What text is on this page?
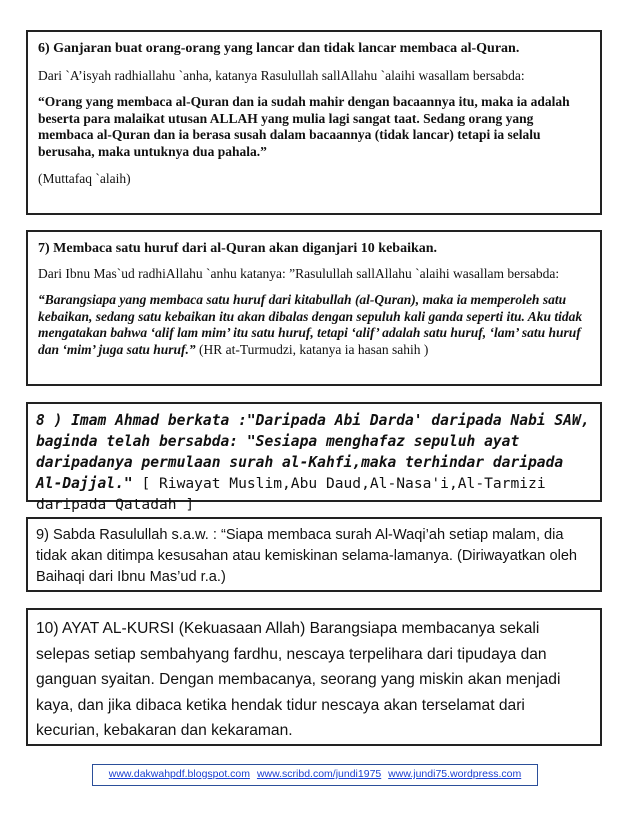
6) Ganjaran buat orang-orang yang lancar dan tidak lancar membaca al-Quran.

Dari `A’isyah radhiallahu `anha, katanya Rasulullah sallAllahu `alaihi wasallam bersabda:

“Orang yang membaca al-Quran dan ia sudah mahir dengan bacaannya itu, maka ia adalah beserta para malaikat utusan ALLAH yang mulia lagi sangat taat. Sedang orang yang membaca al-Quran dan ia berasa susah dalam bacaannya (tidak lancar) tetapi ia selalu berusaha, maka untuknya dua pahala.”

(Muttafaq `alaih)

7) Membaca satu huruf dari al-Quran akan diganjari 10 kebaikan.

Dari Ibnu Mas`ud radhiAllahu `anhu katanya: ”Rasulullah sallAllahu `alaihi wasallam bersabda:

“Barangsiapa yang membaca satu huruf dari kitabullah (al-Quran), maka ia memperoleh satu kebaikan, sedang satu kebaikan itu akan dibalas dengan sepuluh kali ganda seperti itu. Aku tidak mengatakan bahwa ‘alif lam mim’ itu satu huruf, tetapi ‘alif’ adalah satu huruf, ‘lam’ satu huruf dan ‘mim’ juga satu huruf.” (HR at-Turmudzi, katanya ia hasan sahih )

8 ) Imam Ahmad berkata :"Daripada Abi Darda' daripada Nabi SAW, baginda telah bersabda: "Sesiapa menghafaz sepuluh ayat daripadanya permulaan surah al-Kahfi,maka terhindar daripada Al-Dajjal." [ Riwayat Muslim,Abu Daud,Al-Nasa'i,Al-Tarmizi daripada Qatadah ]

9) Sabda Rasulullah s.a.w. : “Siapa membaca surah Al-Waqi’ah setiap malam, dia tidak akan ditimpa kesusahan atau kemiskinan selama-lamanya. (Diriwayatkan oleh Baihaqi dari Ibnu Mas’ud r.a.)

10) AYAT AL-KURSI (Kekuasaan Allah) Barangsiapa membacanya sekali selepas setiap sembahyang fardhu, nescaya terpelihara dari tipudaya dan ganguan syaitan. Dengan membacanya, seorang yang miskin akan menjadi kaya, dan jika dibaca ketika hendak tidur nescaya akan terselamat dari kecurian, kebakaran dan kekaraman.

www.dakwahpdf.blogspot.com www.scribd.com/jundi1975 www.jundi75.wordpress.com
